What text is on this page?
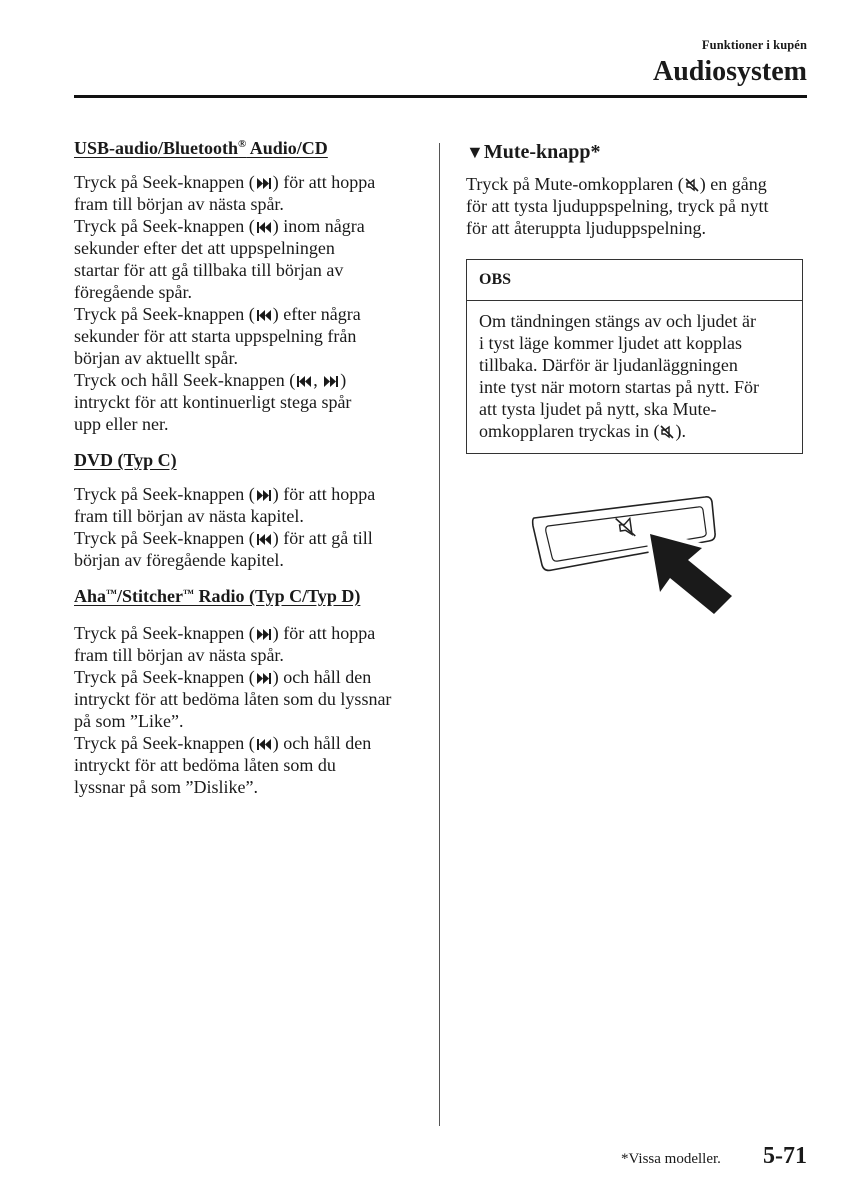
Funktioner i kupén
Audiosystem
USB-audio/Bluetooth® Audio/CD
Tryck på Seek-knappen ( ) för att hoppa
fram till början av nästa spår.
Tryck på Seek-knappen ( ) inom några
sekunder efter det att uppspelningen
startar för att gå tillbaka till början av
föregående spår.
Tryck på Seek-knappen ( ) efter några
sekunder för att starta uppspelning från
början av aktuellt spår.
Tryck och håll Seek-knappen ( , )
intryckt för att kontinuerligt stega spår
upp eller ner.
DVD (Typ C)
Tryck på Seek-knappen ( ) för att hoppa
fram till början av nästa kapitel.
Tryck på Seek-knappen ( ) för att gå till
början av föregående kapitel.
Aha™/Stitcher™ Radio (Typ C/Typ D)
Tryck på Seek-knappen ( ) för att hoppa
fram till början av nästa spår.
Tryck på Seek-knappen ( ) och håll den
intryckt för att bedöma låten som du lyssnar
på som ”Like”.
Tryck på Seek-knappen ( ) och håll den
intryckt för att bedöma låten som du
lyssnar på som ”Dislike”.
▼Mute-knapp*
Tryck på Mute-omkopplaren ( ) en gång
för att tysta ljuduppspelning, tryck på nytt
för att återuppta ljuduppspelning.
OBS
Om tändningen stängs av och ljudet är
i tyst läge kommer ljudet att kopplas
tillbaka. Därför är ljudanläggningen
inte tyst när motorn startas på nytt. För
att tysta ljudet på nytt, ska Mute-
omkopplaren tryckas in ( ).
*Vissa modeller. 5-71
